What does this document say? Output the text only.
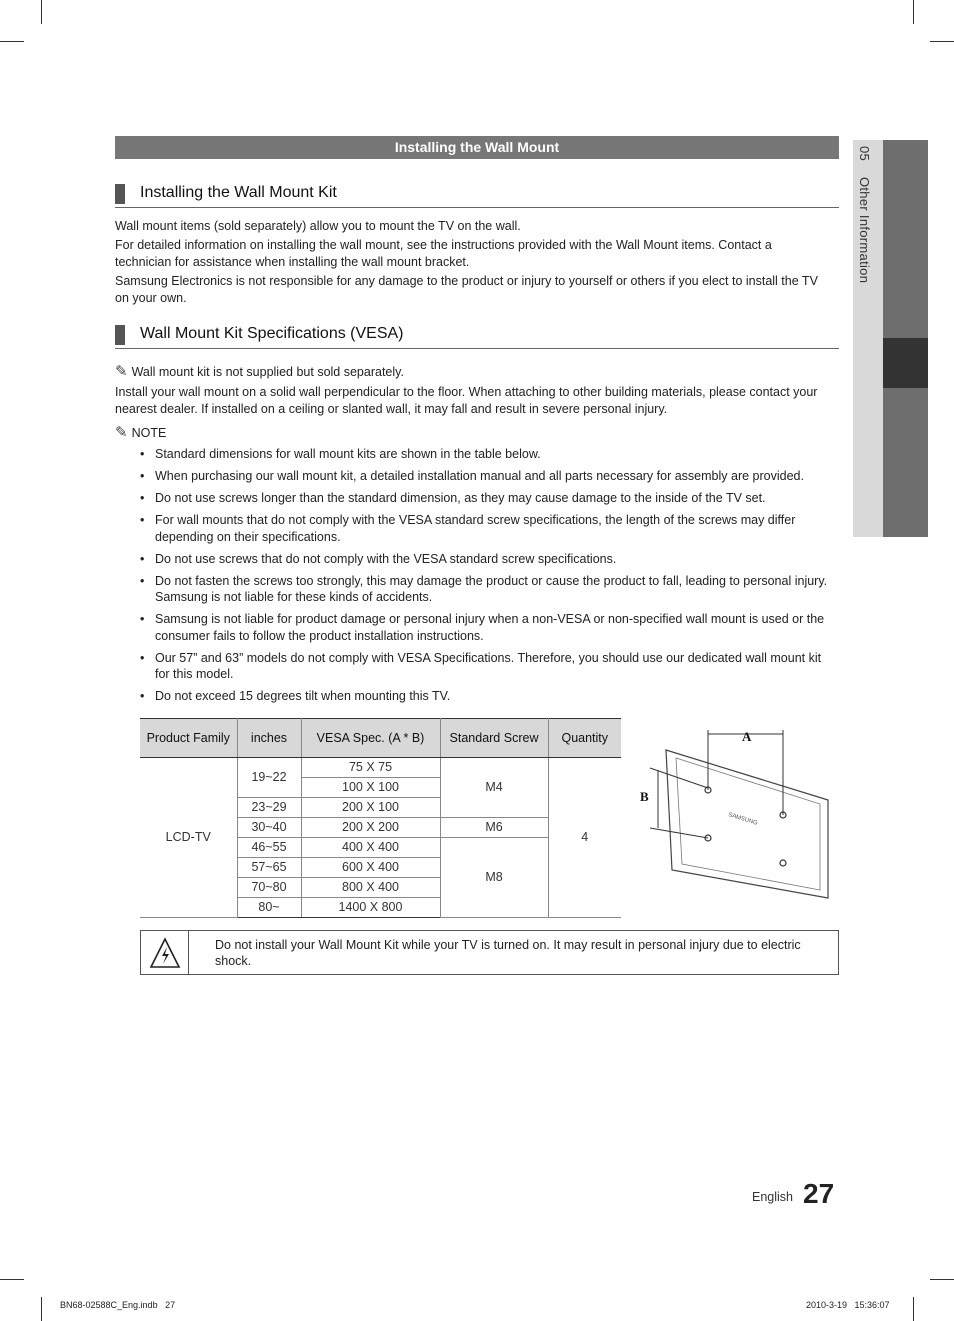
05 Other Information
Installing the Wall Mount
Installing the Wall Mount Kit
Wall mount items (sold separately) allow you to mount the TV on the wall.
For detailed information on installing the wall mount, see the instructions provided with the Wall Mount items. Contact a technician for assistance when installing the wall mount bracket.
Samsung Electronics is not responsible for any damage to the product or injury to yourself or others if you elect to install the TV on your own.
Wall Mount Kit Specifications (VESA)
✎ Wall mount kit is not supplied but sold separately.
Install your wall mount on a solid wall perpendicular to the floor. When attaching to other building materials, please contact your nearest dealer. If installed on a ceiling or slanted wall, it may fall and result in severe personal injury.
✎ NOTE
• Standard dimensions for wall mount kits are shown in the table below.
• When purchasing our wall mount kit, a detailed installation manual and all parts necessary for assembly are provided.
• Do not use screws longer than the standard dimension, as they may cause damage to the inside of the TV set.
• For wall mounts that do not comply with the VESA standard screw specifications, the length of the screws may differ depending on their specifications.
• Do not use screws that do not comply with the VESA standard screw specifications.
• Do not fasten the screws too strongly, this may damage the product or cause the product to fall, leading to personal injury. Samsung is not liable for these kinds of accidents.
• Samsung is not liable for product damage or personal injury when a non-VESA or non-specified wall mount is used or the consumer fails to follow the product installation instructions.
• Our 57” and 63” models do not comply with VESA Specifications. Therefore, you should use our dedicated wall mount kit for this model.
• Do not exceed 15 degrees tilt when mounting this TV.
Product Family	inches	VESA Spec. (A * B)	Standard Screw	Quantity
LCD-TV	19~22	75 X 75	M4	4
		100 X 100		
	23~29	200 X 100		
	30~40	200 X 200	M6	
	46~55	400 X 400	M8	
	57~65	600 X 400		
	70~80	800 X 400		
	80~	1400 X 800		
A
B
SAMSUNG
Do not install your Wall Mount Kit while your TV is turned on. It may result in personal injury due to electric shock.
English 27
BN68-02588C_Eng.indb   27	2010-3-19   15:36:07
